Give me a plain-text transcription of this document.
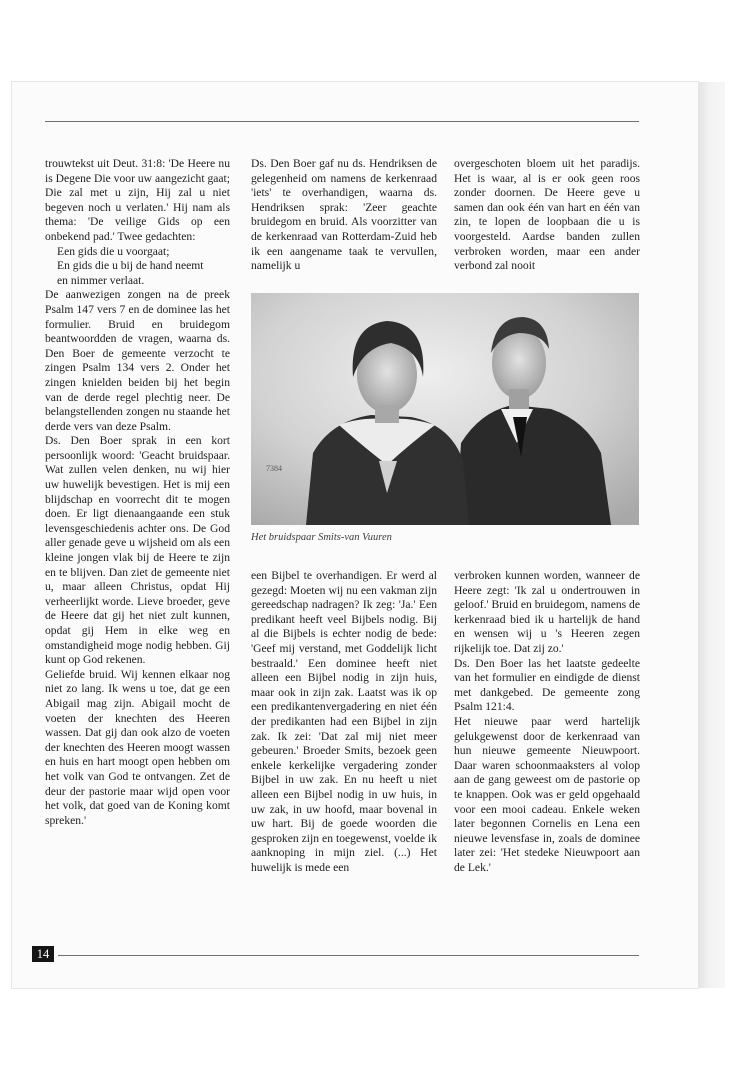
trouwtekst uit Deut. 31:8: 'De Heere nu is Degene Die voor uw aangezicht gaat; Die zal met u zijn, Hij zal u niet begeven noch u verlaten.' Hij nam als thema: 'De veilige Gids op een onbekend pad.' Twee gedachten:

Een gids die u voorgaat;

En gids die u bij de hand neemt

en nimmer verlaat.

De aanwezigen zongen na de preek Psalm 147 vers 7 en de dominee las het formulier. Bruid en bruidegom beantwoordden de vragen, waarna ds. Den Boer de gemeente verzocht te zingen Psalm 134 vers 2. Onder het zingen knielden beiden bij het begin van de derde regel plechtig neer. De belangstellenden zongen nu staande het derde vers van deze Psalm.

Ds. Den Boer sprak in een kort persoonlijk woord: 'Geacht bruidspaar. Wat zullen velen denken, nu wij hier uw huwelijk bevestigen. Het is mij een blijdschap en voorrecht dit te mogen doen. Er ligt dienaangaande een stuk levensgeschiedenis achter ons. De God aller genade geve u wijsheid om als een kleine jongen vlak bij de Heere te zijn en te blijven. Dan ziet de gemeente niet u, maar alleen Christus, opdat Hij verheerlijkt worde. Lieve broeder, geve de Heere dat gij het niet zult kunnen, opdat gij Hem in elke weg en omstandigheid moge nodig hebben. Gij kunt op God rekenen.

Geliefde bruid. Wij kennen elkaar nog niet zo lang. Ik wens u toe, dat ge een Abigail mag zijn. Abigail mocht de voeten der knechten des Heeren wassen. Dat gij dan ook alzo de voeten der knechten des Heeren moogt wassen en huis en hart moogt open hebben om het volk van God te ontvangen. Zet de deur der pastorie maar wijd open voor het volk, dat goed van de Koning komt spreken.'

Ds. Den Boer gaf nu ds. Hendriksen de gelegenheid om namens de kerkenraad 'iets' te overhandigen, waarna ds. Hendriksen sprak: 'Zeer geachte bruidegom en bruid. Als voorzitter van de kerkenraad van Rotterdam-Zuid heb ik een aangename taak te vervullen, namelijk u

overgeschoten bloem uit het paradijs. Het is waar, al is er ook geen roos zonder doornen. De Heere geve u samen dan ook één van hart en één van zin, te lopen de loopbaan die u is voorgesteld. Aardse banden zullen verbroken worden, maar een ander verbond zal nooit

7384
Het bruidspaar Smits-van Vuuren

een Bijbel te overhandigen. Er werd al gezegd: Moeten wij nu een vakman zijn gereedschap nadragen? Ik zeg: 'Ja.' Een predikant heeft veel Bijbels nodig. Bij al die Bijbels is echter nodig de bede: 'Geef mij verstand, met Goddelijk licht bestraald.' Een dominee heeft niet alleen een Bijbel nodig in zijn huis, maar ook in zijn zak. Laatst was ik op een predikantenvergadering en niet één der predikanten had een Bijbel in zijn zak. Ik zei: 'Dat zal mij niet meer gebeuren.' Broeder Smits, bezoek geen enkele kerkelijke vergadering zonder Bijbel in uw zak. En nu heeft u niet alleen een Bijbel nodig in uw huis, in uw zak, in uw hoofd, maar bovenal in uw hart. Bij de goede woorden die gesproken zijn en toegewenst, voelde ik aanknoping in mijn ziel. (...) Het huwelijk is mede een

verbroken kunnen worden, wanneer de Heere zegt: 'Ik zal u ondertrouwen in geloof.' Bruid en bruidegom, namens de kerkenraad bied ik u hartelijk de hand en wensen wij u 's Heeren zegen rijkelijk toe. Dat zij zo.'

Ds. Den Boer las het laatste gedeelte van het formulier en eindigde de dienst met dankgebed. De gemeente zong Psalm 121:4.

Het nieuwe paar werd hartelijk gelukgewenst door de kerkenraad van hun nieuwe gemeente Nieuwpoort. Daar waren schoonmaaksters al volop aan de gang geweest om de pastorie op te knappen. Ook was er geld opgehaald voor een mooi cadeau. Enkele weken later begonnen Cornelis en Lena een nieuwe levensfase in, zoals de dominee later zei: 'Het stedeke Nieuwpoort aan de Lek.'

14
